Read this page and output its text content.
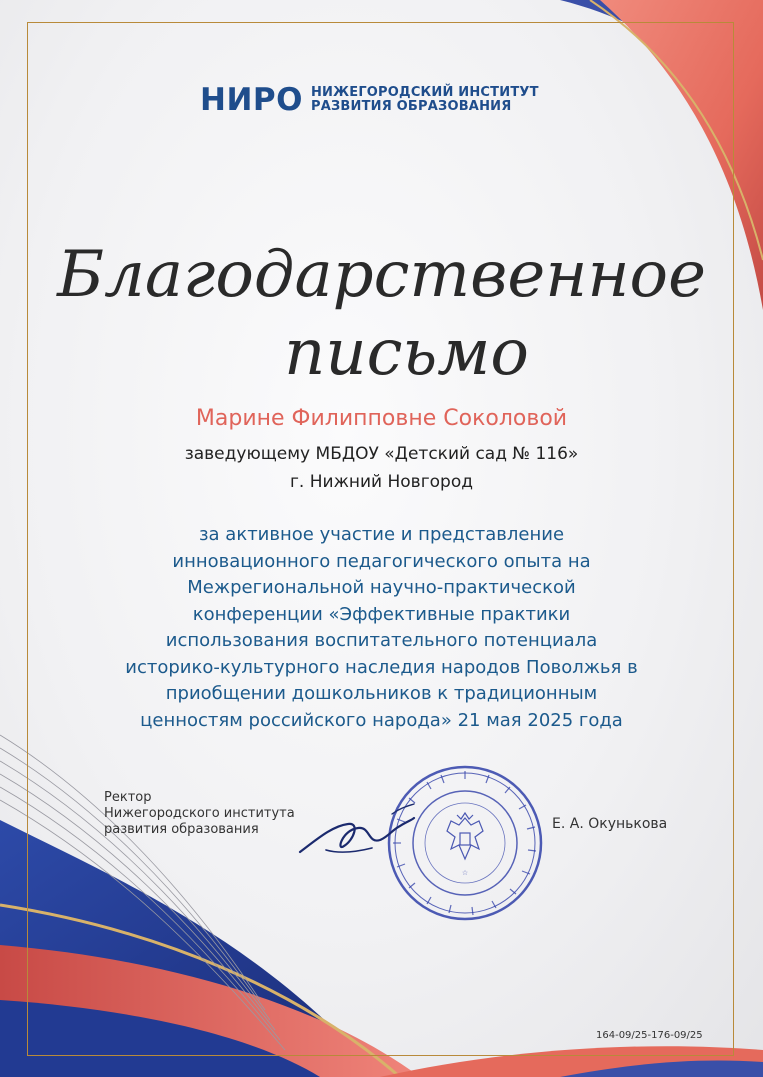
НИРО НИЖЕГОРОДСКИЙ ИНСТИТУТ
РАЗВИТИЯ ОБРАЗОВАНИЯ
Благодарственное
письмо
Марине Филипповне Соколовой
заведующему МБДОУ «Детский сад № 116»
г. Нижний Новгород
за активное участие и представление
инновационного педагогического опыта на
Межрегиональной научно-практической
конференции «Эффективные практики
использования воспитательного потенциала
историко-культурного наследия народов Поволжья в
приобщении дошкольников к традиционным
ценностям российского народа» 21 мая 2025 года
Ректор
Нижегородского института
развития образования
☆
Е. А. Окунькова
164-09/25-176-09/25
